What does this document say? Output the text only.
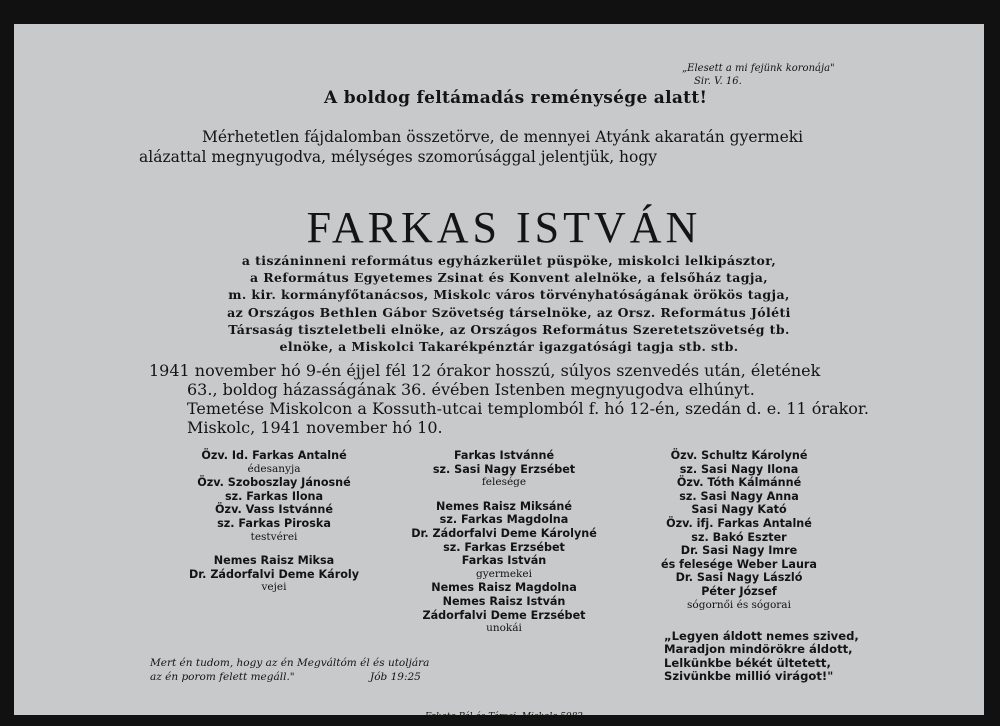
„Elesett a mi fejünk koronája"
Sir. V. 16.
A boldog feltámadás reménysége alatt!
Mérhetetlen fájdalomban összetörve, de mennyei Atyánk akaratán gyermeki
alázattal megnyugodva, mélységes szomorúsággal jelentjük, hogy
FARKAS ISTVÁN
a tiszáninneni református egyházkerület püspöke, miskolci lelkipásztor,
a Református Egyetemes Zsinat és Konvent alelnöke, a felsőház tagja,
m. kir. kormányfőtanácsos, Miskolc város törvényhatóságának örökös tagja,
az Országos Bethlen Gábor Szövetség társelnöke, az Orsz. Református Jóléti
Társaság tiszteletbeli elnöke, az Országos Református Szeretetszövetség tb.
elnöke, a Miskolci Takarékpénztár igazgatósági tagja stb. stb.
1941 november hó 9-én éjjel fél 12 órakor hosszú, súlyos szenvedés után, életének
63., boldog házasságának 36. évében Istenben megnyugodva elhúnyt.
Temetése Miskolcon a Kossuth-utcai templomból f. hó 12-én, szedán d. e. 11 órakor.
Miskolc, 1941 november hó 10.
Özv. Id. Farkas Antalné
édesanyja
Özv. Szoboszlay Jánosné
sz. Farkas Ilona
Özv. Vass Istvánné
sz. Farkas Piroska
testvérei
Nemes Raisz Miksa
Dr. Zádorfalvi Deme Károly
vejei
Farkas Istvánné
sz. Sasi Nagy Erzsébet
felesége
Nemes Raisz Miksáné
sz. Farkas Magdolna
Dr. Zádorfalvi Deme Károlyné
sz. Farkas Erzsébet
Farkas István
gyermekei
Nemes Raisz Magdolna
Nemes Raisz István
Zádorfalvi Deme Erzsébet
unokái
Özv. Schultz Károlyné
sz. Sasi Nagy Ilona
Özv. Tóth Kálmánné
sz. Sasi Nagy Anna
Sasi Nagy Kató
Özv. ifj. Farkas Antalné
sz. Bakó Eszter
Dr. Sasi Nagy Imre
és felesége Weber Laura
Dr. Sasi Nagy László
Péter József
sógornői és sógorai
Mert én tudom, hogy az én Megváltóm él és utoljára
az én porom felett megáll."	Jób 19:25
„Legyen áldott nemes szived,
Maradjon mindörökre áldott,
Lelkünkbe békét ültetett,
Szivünkbe millió virágot!"
